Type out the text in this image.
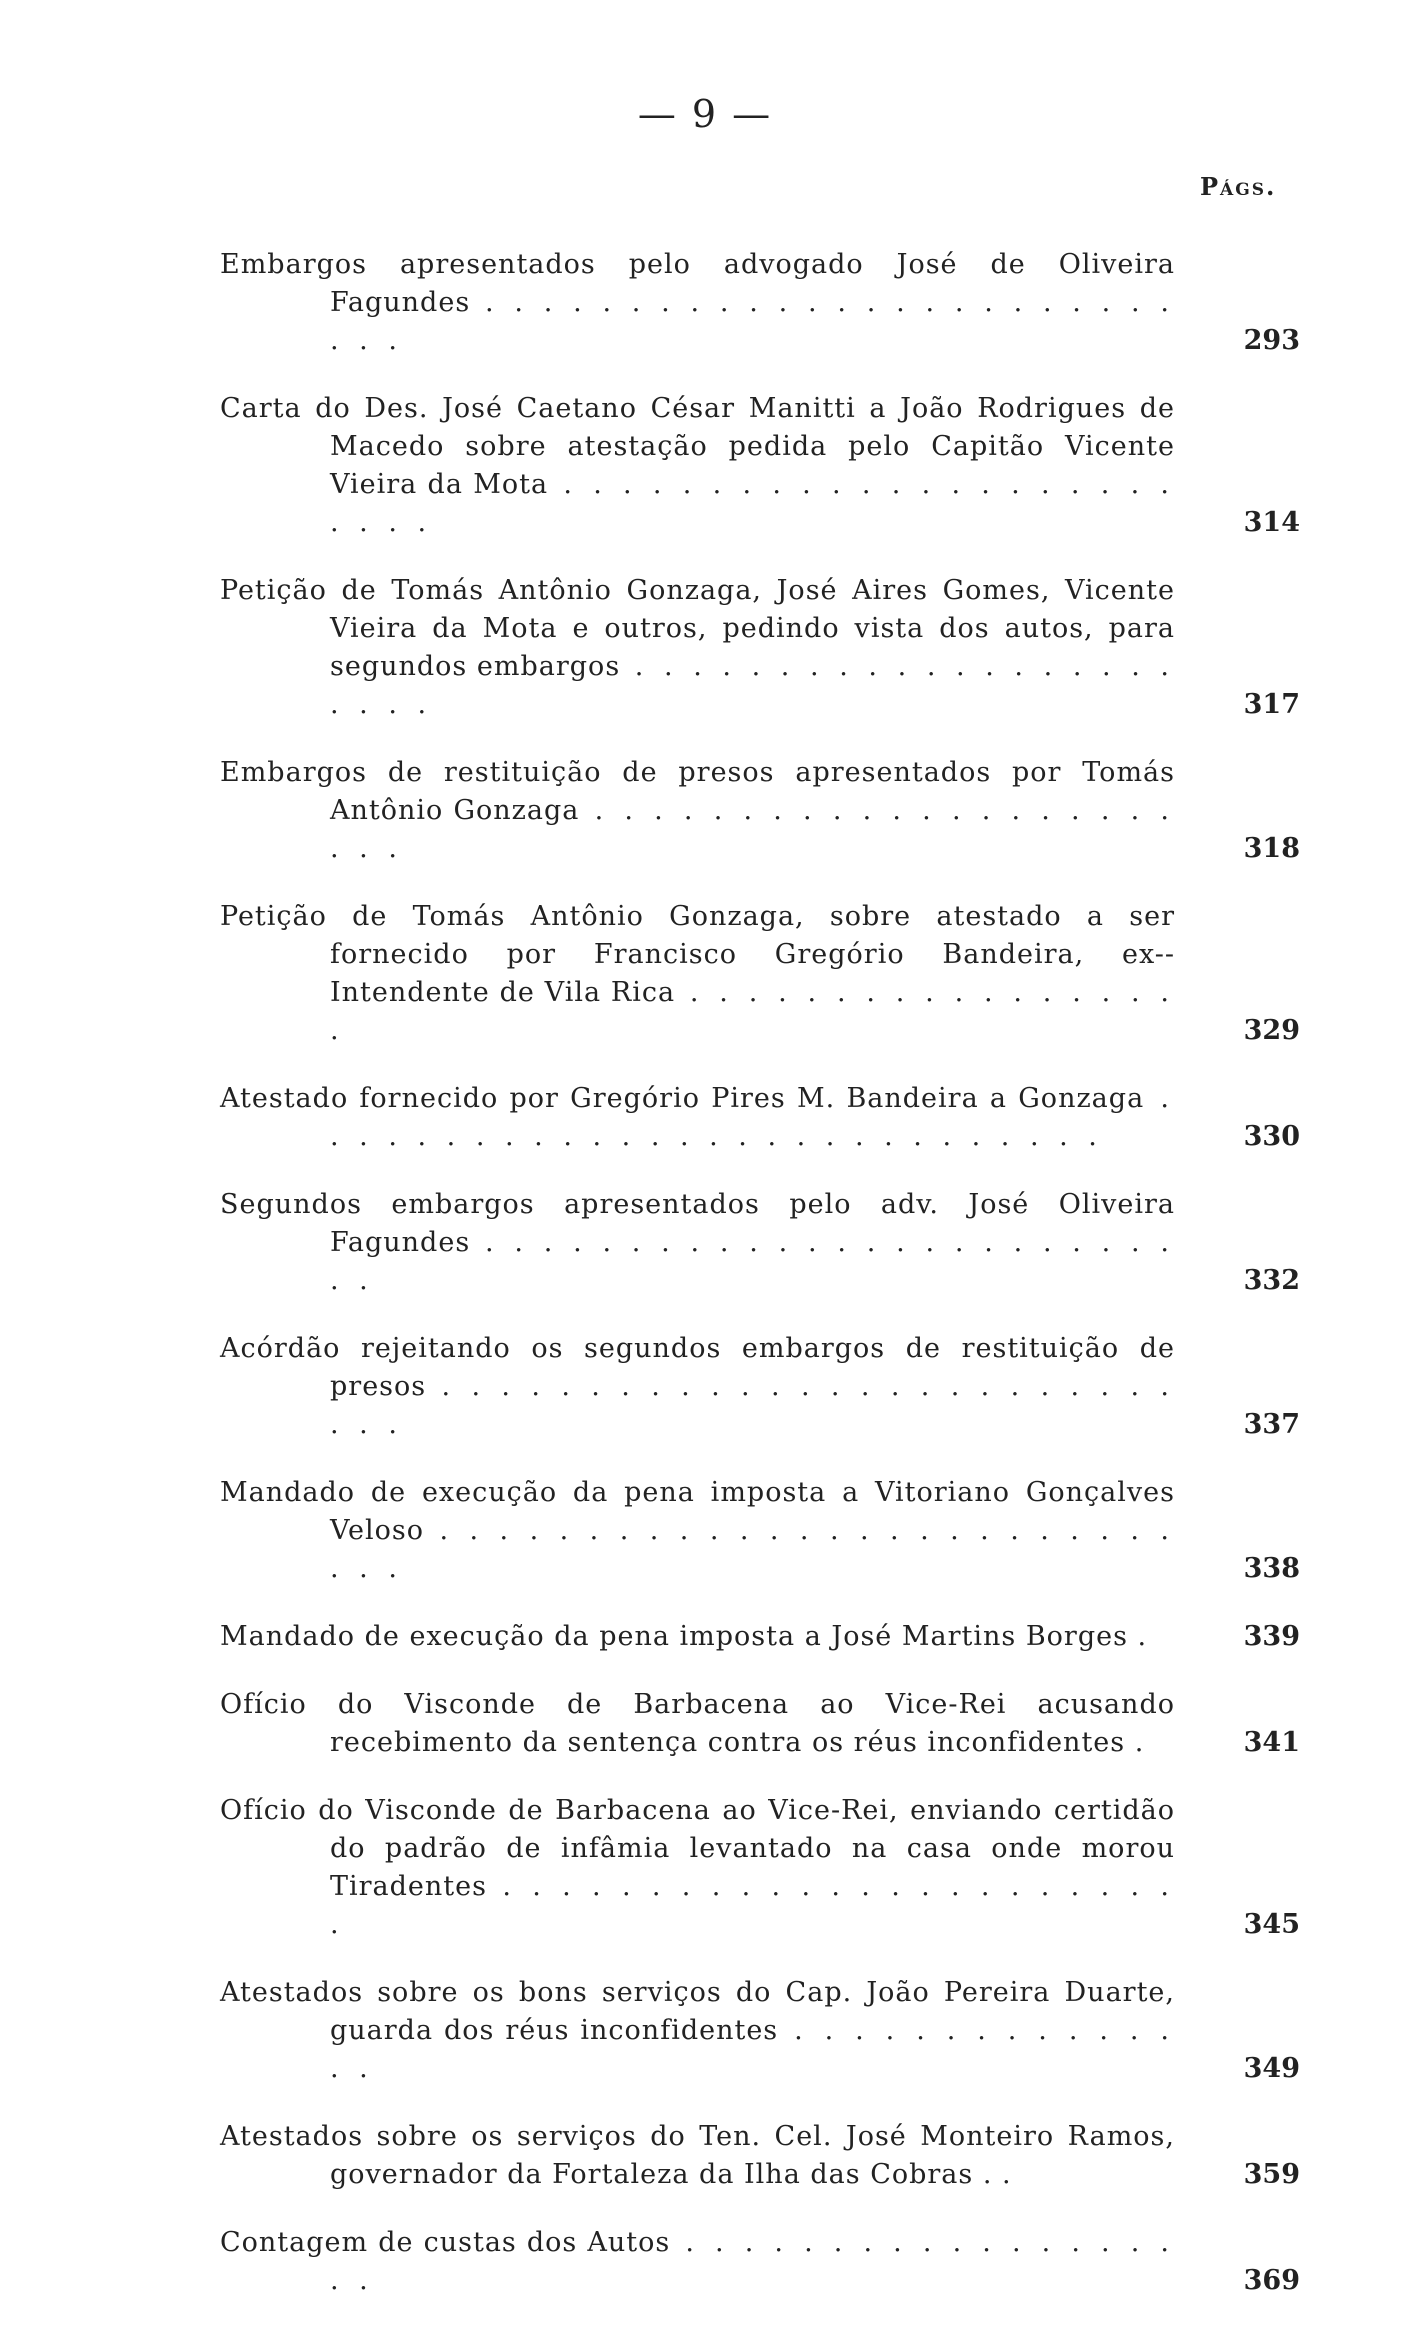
— 9 —
Págs.
Embargos apresentados pelo advogado José de Oliveira Fagundes . . . . . . . . . . . . . . . . . . . . . . . . . . .	293
Carta do Des. José Caetano César Manitti a João Rodrigues de Macedo sobre atestação pedida pelo Capitão Vicente Vieira da Mota . . . . . . . . . . . . . . . . . . . . . . . . .	314
Petição de Tomás Antônio Gonzaga, José Aires Gomes, Vicente Vieira da Mota e outros, pedindo vista dos autos, para segundos embargos . . . . . . . . . . . . . . . . . . . . . . .	317
Embargos de restituição de presos apresentados por Tomás Antônio Gonzaga . . . . . . . . . . . . . . . . . . . . . . .	318
Petição de Tomás Antônio Gonzaga, sobre atestado a ser fornecido por Francisco Gregório Bandeira, ex--Intendente de Vila Rica . . . . . . . . . . . . . . . . . .	329
Atestado fornecido por Gregório Pires M. Bandeira a Gonzaga . . . . . . . . . . . . . . . . . . . . . . . . . . . .	330
Segundos embargos apresentados pelo adv. José Oliveira Fagundes . . . . . . . . . . . . . . . . . . . . . . . . . .	332
Acórdão rejeitando os segundos embargos de restituição de presos . . . . . . . . . . . . . . . . . . . . . . . . . . . .	337
Mandado de execução da pena imposta a Vitoriano Gonçalves Veloso . . . . . . . . . . . . . . . . . . . . . . . . . . . .	338
Mandado de execução da pena imposta a José Martins Borges .	339
Ofício do Visconde de Barbacena ao Vice-Rei acusando recebimento da sentença contra os réus inconfidentes .	341
Ofício do Visconde de Barbacena ao Vice-Rei, enviando certidão do padrão de infâmia levantado na casa onde morou Tiradentes . . . . . . . . . . . . . . . . . . . . . . . .	345
Atestados sobre os bons serviços do Cap. João Pereira Duarte, guarda dos réus inconfidentes . . . . . . . . . . . . . . .	349
Atestados sobre os serviços do Ten. Cel. José Monteiro Ramos, governador da Fortaleza da Ilha das Cobras . .	359
Contagem de custas dos Autos . . . . . . . . . . . . . . . . . . .	369
